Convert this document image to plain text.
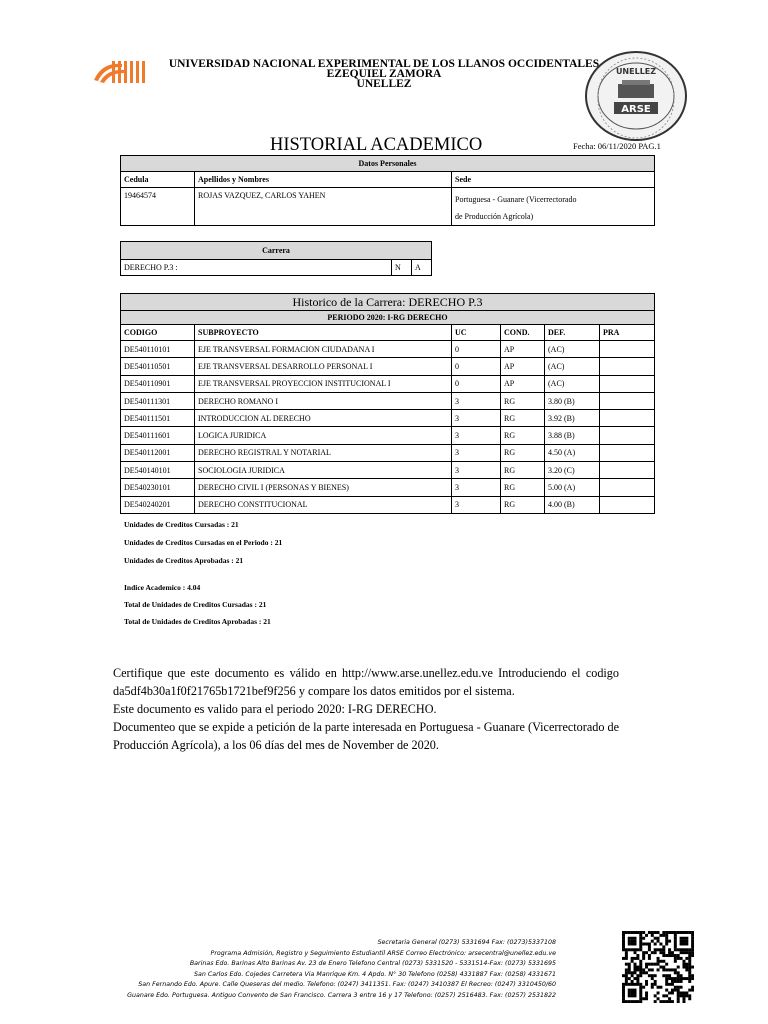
UNIVERSIDAD NACIONAL EXPERIMENTAL DE LOS LLANOS OCCIDENTALES
EZEQUIEL ZAMORA
UNELLEZ
UNELLEZ
ARSE
HISTORIAL ACADEMICO	Fecha: 06/11/2020 PAG.1
Datos Personales		
Cedula	Apellidos y Nombres	Sede
19464574	ROJAS VAZQUEZ, CARLOS YAHEN	Portuguesa - Guanare (Vicerrectorado
de Producción Agrícola)
Carrera
DERECHO P.3 :	N	A
Historico de la Carrera: DERECHO P.3					
PERIODO 2020: I-RG DERECHO					
CODIGO	SUBPROYECTO	UC	COND.	DEF.	PRA
DE540110101	EJE TRANSVERSAL FORMACION CIUDADANA I	0	AP	(AC)	
DE540110501	EJE TRANSVERSAL DESARROLLO PERSONAL I	0	AP	(AC)	
DE540110901	EJE TRANSVERSAL PROYECCION INSTITUCIONAL I	0	AP	(AC)	
DE540111301	DERECHO ROMANO I	3	RG	3.80 (B)	
DE540111501	INTRODUCCION AL DERECHO	3	RG	3.92 (B)	
DE540111601	LOGICA JURIDICA	3	RG	3.88 (B)	
DE540112001	DERECHO REGISTRAL Y NOTARIAL	3	RG	4.50 (A)	
DE540140101	SOCIOLOGIA JURIDICA	3	RG	3.20 (C)	
DE540230101	DERECHO CIVIL I (PERSONAS Y BIENES)	3	RG	5.00 (A)	
DE540240201	DERECHO CONSTITUCIONAL	3	RG	4.00 (B)	
Unidades de Creditos Cursadas : 21
Unidades de Creditos Cursadas en el Periodo : 21
Unidades de Creditos Aprobadas : 21
Indice Academico : 4.04
Total de Unidades de Creditos Cursadas : 21
Total de Unidades de Creditos Aprobadas : 21

Certifique que este documento es válido en http://www.arse.unellez.edu.ve Introduciendo el codigo da5df4b30a1f0f21765b1721bef9f256 y compare los datos emitidos por el sistema.

Este documento es valido para el periodo 2020: I-RG DERECHO.

Documenteo que se expide a petición de la parte interesada en Portuguesa - Guanare (Vicerrectorado de Producción Agrícola), a los 06 días del mes de November de 2020.

Secretaria General (0273) 5331694 Fax: (0273)5337108
Programa Admisión, Registro y Seguimiento Estudiantil ARSE Correo Electrónico: arsecentral@unellez.edu.ve
Barinas Edo. Barinas Alto Barinas Av. 23 de Enero Telefono Central (0273) 5331520 - 5331514-Fax: (0273) 5331695
San Carlos Edo. Cojedes Carretera Via Manrique Km. 4 Apdo. N° 30 Telefono (0258) 4331887 Fax: (0258) 4331671
San Fernando Edo. Apure. Calle Queseras del medio. Telefono: (0247) 3411351. Fax: (0247) 3410387 El Recreo: (0247) 3310450/60
Guanare Edo. Portuguesa. Antiguo Convento de San Francisco. Carrera 3 entre 16 y 17 Telefono: (0257) 2516483. Fax: (0257) 2531822
